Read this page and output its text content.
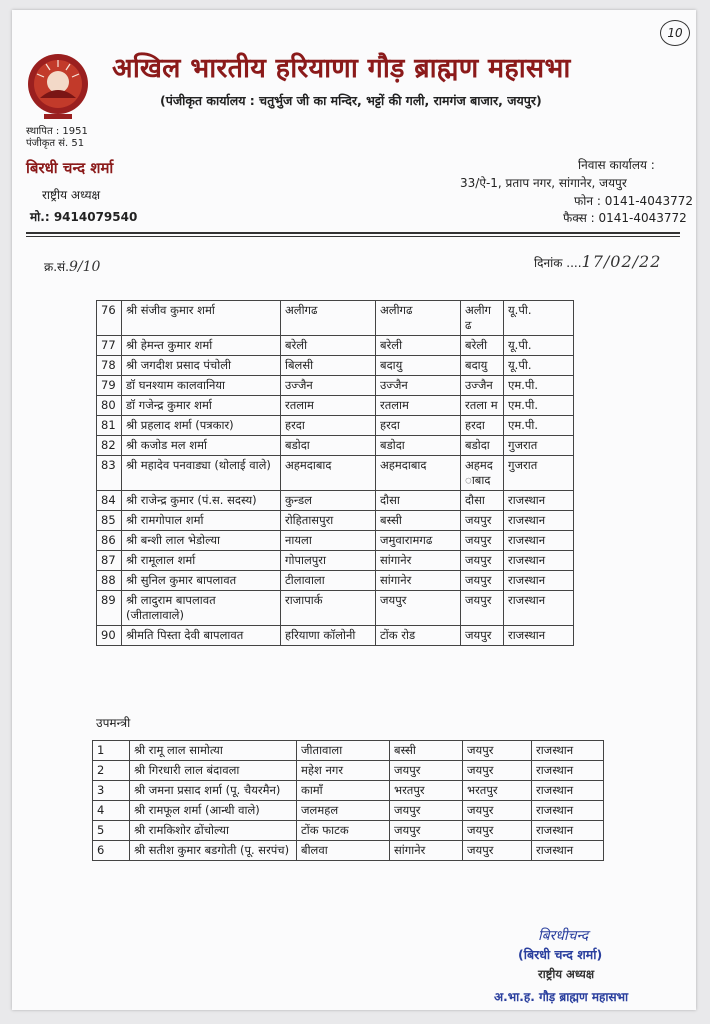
10
अखिल भारतीय हरियाणा गौड़ ब्राह्मण महासभा
(पंजीकृत कार्यालय : चतुर्भुज जी का मन्दिर, भट्टों की गली, रामगंज बाजार, जयपुर)
स्थापित : 1951
पंजीकृत सं. 51
बिरधी चन्द शर्मा
राष्ट्रीय अध्यक्ष
मो.: 9414079540
निवास कार्यालय :
33/ऐ-1, प्रताप नगर, सांगानेर, जयपुर
फोन : 0141-4043772
फैक्स : 0141-4043772
क्र.सं.9/10	दिनांक ....17/02/22
76	श्री संजीव कुमार शर्मा	अलीगढ	अलीगढ	अलीग ढ	यू.पी.
77	श्री हेमन्त कुमार शर्मा	बरेली	बरेली	बरेली	यू.पी.
78	श्री जगदीश प्रसाद पंचोली	बिलसी	बदायु	बदायु	यू.पी.
79	डॉ घनश्याम कालवानिया	उज्जैन	उज्जैन	उज्जैन	एम.पी.
80	डॉ गजेन्द्र कुमार शर्मा	रतलाम	रतलाम	रतला म	एम.पी.
81	श्री प्रहलाद शर्मा (पत्रकार)	हरदा	हरदा	हरदा	एम.पी.
82	श्री कजोड मल शर्मा	बडोदा	बडोदा	बडोदा	गुजरात
83	श्री महादेव पनवाड्या (थोलाई वाले)	अहमदाबाद	अहमदाबाद	अहमद ाबाद	गुजरात
84	श्री राजेन्द्र कुमार (पं.स. सदस्य)	कुन्डल	दौसा	दौसा	राजस्थान
85	श्री रामगोपाल शर्मा	रोहितासपुरा	बस्सी	जयपुर	राजस्थान
86	श्री बन्शी लाल भेडोल्या	नायला	जमुवारामगढ	जयपुर	राजस्थान
87	श्री रामूलाल शर्मा	गोपालपुरा	सांगानेर	जयपुर	राजस्थान
88	श्री सुनिल कुमार बापलावत	टीलावाला	सांगानेर	जयपुर	राजस्थान
89	श्री लादुराम बापलावत (जीतालावाले)	राजापार्क	जयपुर	जयपुर	राजस्थान
90	श्रीमति पिस्ता देवी बापलावत	हरियाणा कॉलोनी	टोंक रोड	जयपुर	राजस्थान
उपमन्त्री
1	श्री रामू लाल सामोत्या	जीतावाला	बस्सी	जयपुर	राजस्थान
2	श्री गिरधारी लाल बंदावला	महेश नगर	जयपुर	जयपुर	राजस्थान
3	श्री जमना प्रसाद शर्मा (पू. चैयरमैन)	कामाँ	भरतपुर	भरतपुर	राजस्थान
4	श्री रामफूल शर्मा (आन्धी वाले)	जलमहल	जयपुर	जयपुर	राजस्थान
5	श्री रामकिशोर ढोंचोल्या	टोंक फाटक	जयपुर	जयपुर	राजस्थान
6	श्री सतीश कुमार बडगोती (पू. सरपंच)	बीलवा	सांगानेर	जयपुर	राजस्थान
बिरधीचन्द
(बिरधी चन्द शर्मा)
राष्ट्रीय अध्यक्ष
अ.भा.ह. गौड़ ब्राह्मण महासभा
